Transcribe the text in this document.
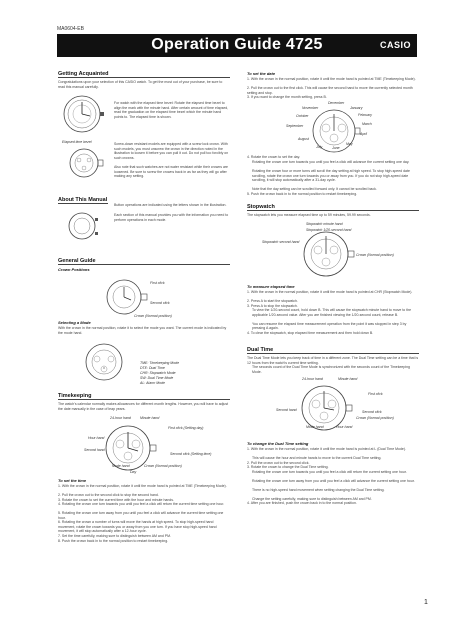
MA0604-EB
Operation Guide 4725	CASIO
Getting Acquainted
Congratulations upon your selection of this CASIO watch. To get the most out of your purchase, be sure to read this manual carefully.
Elapsed time bezel
For watch with the elapsed time bezel: Rotate the elapsed time bezel to align the mark with the minute hand. After certain amount of time elapsed, read the graduation on the elapsed time bezel which the minute hand points to. The elapsed time is shown.
Screw-down resistant models are equipped with a screw lock crown. With such models, you must unscrew the crown in the direction noted in the illustration to loosen it before you can pull it out. Do not pull too forcibly on such crowns.
Also note that such watches are not water resistant while their crowns are loosened. Be sure to screw the crowns back in as far as they will go after making any setting.
About This Manual
Button operations are indicated using the letters shown in the illustration.
Each section of this manual provides you with the information you need to perform operations in each mode.
General Guide
Crown Positions
First click
Second click
Crown (Normal position)
Selecting a Mode
With the crown in the normal position, rotate it to select the mode you want. The current mode is indicated by the mode hand.
TME: Timekeeping Mode
DTE: Dual Time
CHR: Stopwatch Mode
SW: Dual Time Mode
AL: Alarm Mode
Timekeeping
The watch's calendar normally makes allowances for different month lengths. However, you will have to adjust the date manually in the case of leap years.
24-hour hand	Minute hand
First click (Setting day)
Hour hand
Second hand
Second click (Setting time)
Mode hand	Crown (Normal position)
Day
To set the time
1. With the crown in the normal position, rotate it until the mode hand is pointed at TME (Timekeeping Mode).
2. Pull the crown out to the second click to stop the second hand.
3. Rotate the crown to set the current time with the hour and minute hands.
4. Rotating the crown one turn towards you until you feel a click will return the current time setting one hour.
5. Rotating the crown one turn away from you until you feel a click will advance the current time setting one hour.
6. Rotating the crown a number of turns will move the hands at high speed. To stop high-speed hand movement, rotate the crown towards you or away from you one turn. If you have stop high-speed hand movement, it will stop automatically after a 12-hour cycle.
7. Set the time carefully, making sure to distinguish between AM and PM.
8. Push the crown back in to the normal position to restart timekeeping.
To set the date
1. With the crown in the normal position, rotate it until the mode hand is pointed at TME (Timekeeping Mode).
2. Pull the crown out to the first click. This will cause the second hand to move the currently selected month setting and stop.
3. If you want to change the month setting, press B.
December
January
November
February
October
March
September
April
August
May
July	June
4. Rotate the crown to set the day.
Rotating the crown one turn towards you until you feel a click will advance the current setting one day.
Rotating the crown four or more turns will scroll the day setting at high speed. To stop high-speed date scrolling, rotate the crown one turn towards you or away from you. If you do not stop high-speed date scrolling, it will stop automatically after a 31-day cycle.
Note that the day setting can be scrolled forward only. It cannot be scrolled back.
5. Push the crown back in to the normal position to restart timekeeping.
Stopwatch
The stopwatch lets you measure elapsed time up to 59 minutes, 59.99 seconds.
Stopwatch minute hand
Stopwatch 1/20-second hand
Stopwatch second hand
Crown (Normal position)
To measure elapsed time
1. With the crown in the normal position, rotate it until the mode hand is pointed at CHR (Stopwatch Mode).
2. Press A to start the stopwatch.
3. Press A to stop the stopwatch.
To view the 1/20-second count, hold down B. This will cause the stopwatch minute hand to move to the applicable 1/20-second value. After you are finished viewing the 1/20-second count, release B.
You can resume the elapsed time measurement operation from the point it was stopped in step 3 by pressing A again.
4. To clear the stopwatch, stop elapsed time measurement and then hold down B.
Dual Time
The Dual Time Mode lets you keep track of time in a different zone. The Dual Time setting can be a time that is 12 hours from the watch's current time setting.
The seconds count of the Dual Time Mode is synchronized with the seconds count of the Timekeeping Mode.
24-hour hand	Minute hand
First click
Second hand	Second click
Crown (Normal position)
Mode hand	Hour hand
To change the Dual Time setting
1. With the crown in the normal position, rotate it until the mode hand is pointed at L (Dual Time Mode).
This will cause the hour and minute hands to move to the current Dual Time setting.
2. Pull the crown out to the second click.
3. Rotate the crown to change the Dual Time setting.
Rotating the crown one turn towards you until you feel a click will return the current setting one hour.
Rotating the crown one turn away from you until you feel a click will advance the current setting one hour.
There is no high-speed hand movement when setting changing the Dual Time setting.
Change the setting carefully, making sure to distinguish between AM and PM.
4. After you are finished, push the crown back in to the normal position.
1
